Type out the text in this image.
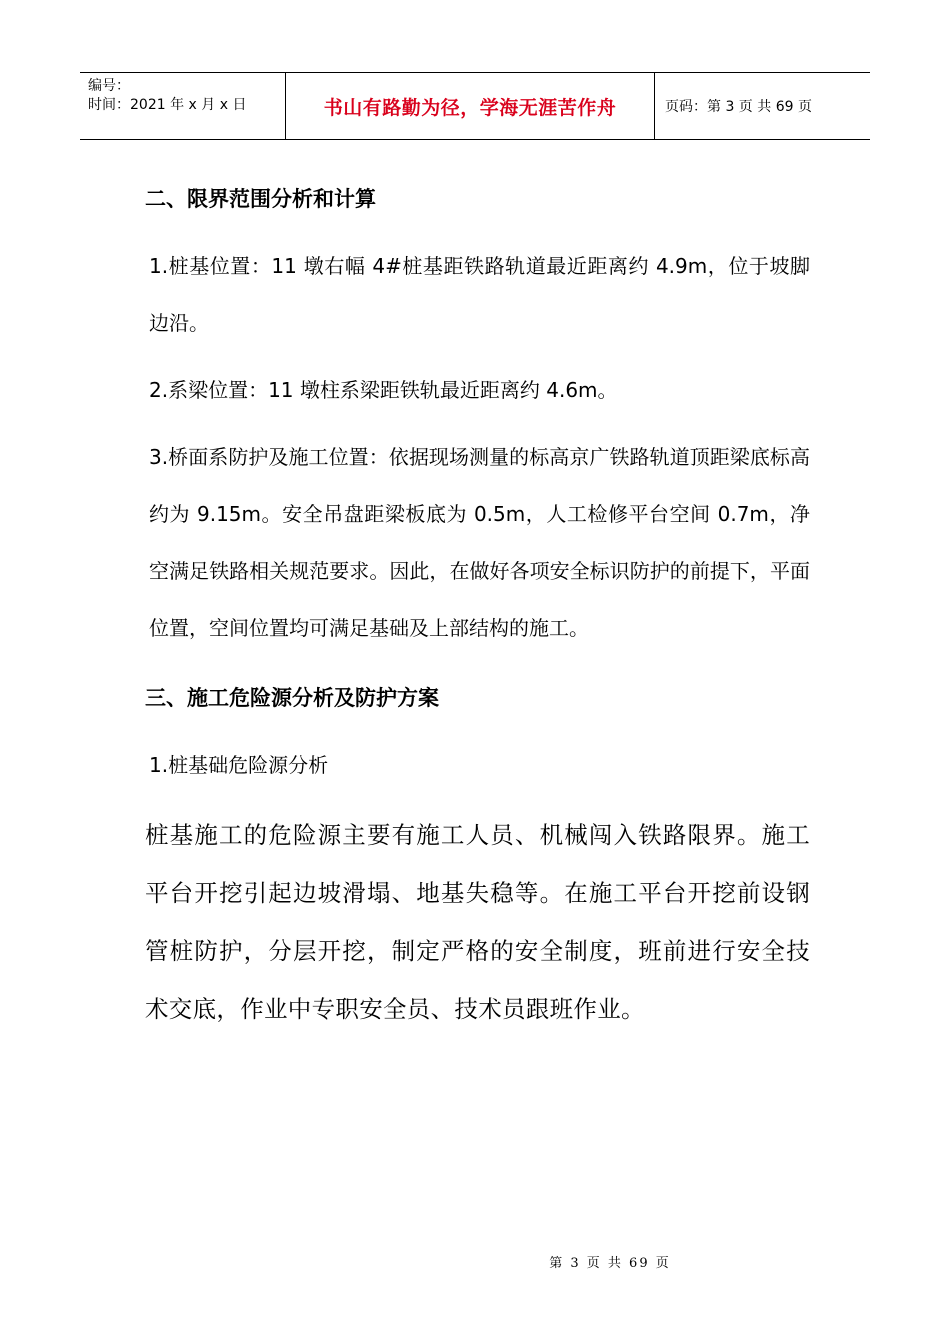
编号：
时间：2021 年 x 月 x 日	书山有路勤为径，学海无涯苦作舟	页码：第 3 页 共 69 页
二、限界范围分析和计算

1.桩基位置：11 墩右幅 4#桩基距铁路轨道最近距离约 4.9m，位于坡脚边沿。

2.系梁位置：11 墩柱系梁距铁轨最近距离约 4.6m。

3.桥面系防护及施工位置：依据现场测量的标高京广铁路轨道顶距梁底标高约为 9.15m。安全吊盘距梁板底为 0.5m，人工检修平台空间 0.7m，净空满足铁路相关规范要求。因此，在做好各项安全标识防护的前提下，平面位置，空间位置均可满足基础及上部结构的施工。

三、施工危险源分析及防护方案

1.桩基础危险源分析

桩基施工的危险源主要有施工人员、机械闯入铁路限界。施工平台开挖引起边坡滑塌、地基失稳等。在施工平台开挖前设钢管桩防护，分层开挖，制定严格的安全制度，班前进行安全技术交底，作业中专职安全员、技术员跟班作业。

第 3 页 共 69 页
